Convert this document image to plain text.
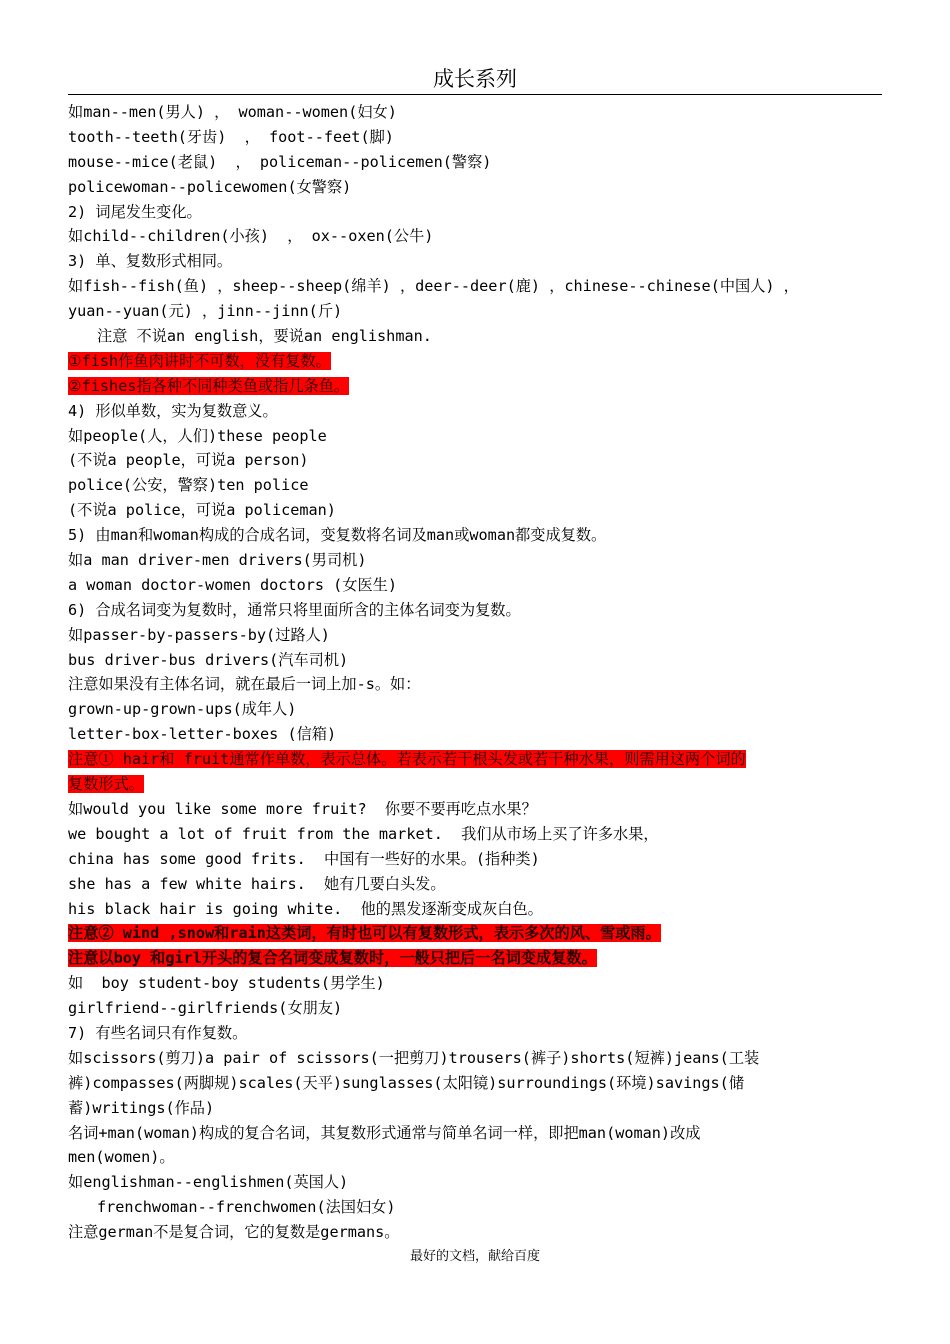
成长系列
如man--men(男人) ， woman--women(妇女)
tooth--teeth(牙齿)  ， foot--feet(脚)
mouse--mice(老鼠)  ， policeman--policemen(警察)
policewoman--policewomen(女警察)
2) 词尾发生变化。
如child--children(小孩)  ， ox--oxen(公牛)
3) 单、复数形式相同。
如fish--fish(鱼) ，sheep--sheep(绵羊) ，deer--deer(鹿) ，chinese--chinese(中国人) ，
yuan--yuan(元) ，jinn--jinn(斤)
注意 不说an english，要说an englishman.
①fish作鱼肉讲时不可数，没有复数。
②fishes指各种不同种类鱼或指几条鱼。
4) 形似单数，实为复数意义。
如people(人，人们)these people
(不说a people，可说a person)
police(公安，警察)ten police
(不说a police，可说a policeman)
5) 由man和woman构成的合成名词，变复数将名词及man或woman都变成复数。
如a man driver-men drivers(男司机)
a woman doctor-women doctors (女医生)
6) 合成名词变为复数时，通常只将里面所含的主体名词变为复数。
如passer-by-passers-by(过路人)
bus driver-bus drivers(汽车司机)
注意如果没有主体名词，就在最后一词上加-s。如：
grown-up-grown-ups(成年人)
letter-box-letter-boxes (信箱)
注意① hair和 fruit通常作单数，表示总体。若表示若干根头发或若干种水果，则需用这两个词的
复数形式。
如would you like some more fruit?  你要不要再吃点水果？
we bought a lot of fruit from the market.  我们从市场上买了许多水果，
china has some good frits.  中国有一些好的水果。(指种类)
she has a few white hairs.  她有几要白头发。
his black hair is going white.  他的黑发逐渐变成灰白色。
注意② wind ,snow和rain这类词，有时也可以有复数形式，表示多次的风、雪或雨。
注意以boy 和girl开头的复合名词变成复数时，一般只把后一名词变成复数。
如  boy student-boy students(男学生)
girlfriend--girlfriends(女朋友)
7) 有些名词只有作复数。
如scissors(剪刀)a pair of scissors(一把剪刀)trousers(裤子)shorts(短裤)jeans(工装
裤)compasses(两脚规)scales(天平)sunglasses(太阳镜)surroundings(环境)savings(储
蓄)writings(作品)
名词+man(woman)构成的复合名词，其复数形式通常与简单名词一样，即把man(woman)改成
men(women)。
如englishman--englishmen(英国人)
frenchwoman--frenchwomen(法国妇女)
注意german不是复合词，它的复数是germans。
最好的文档，献给百度
